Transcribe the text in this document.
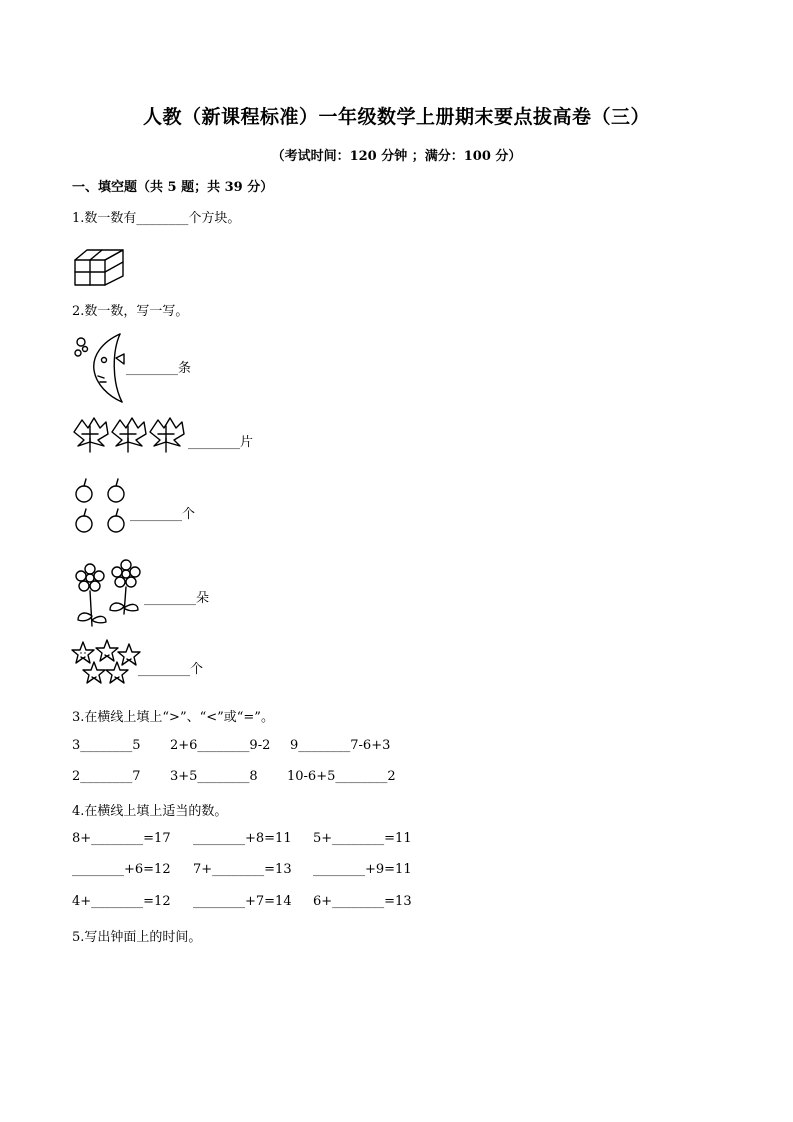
人教（新课程标准）一年级数学上册期末要点拔高卷（三）
（考试时间：120 分钟 ；满分：100 分）
一、填空题（共 5 题；共 39 分）
1.数一数有________个方块。
2.数一数，写一写。
________条
________片
________个
________朵
________个
3.在横线上填上“>”、“<”或“=”。
3________5 2+6________9-2 9________7-6+3
2________7 3+5________8 10-6+5________2
4.在横线上填上适当的数。
8+________=17 ________+8=11 5+________=11
________+6=12 7+________=13 ________+9=11
4+________=12 ________+7=14 6+________=13
5.写出钟面上的时间。
